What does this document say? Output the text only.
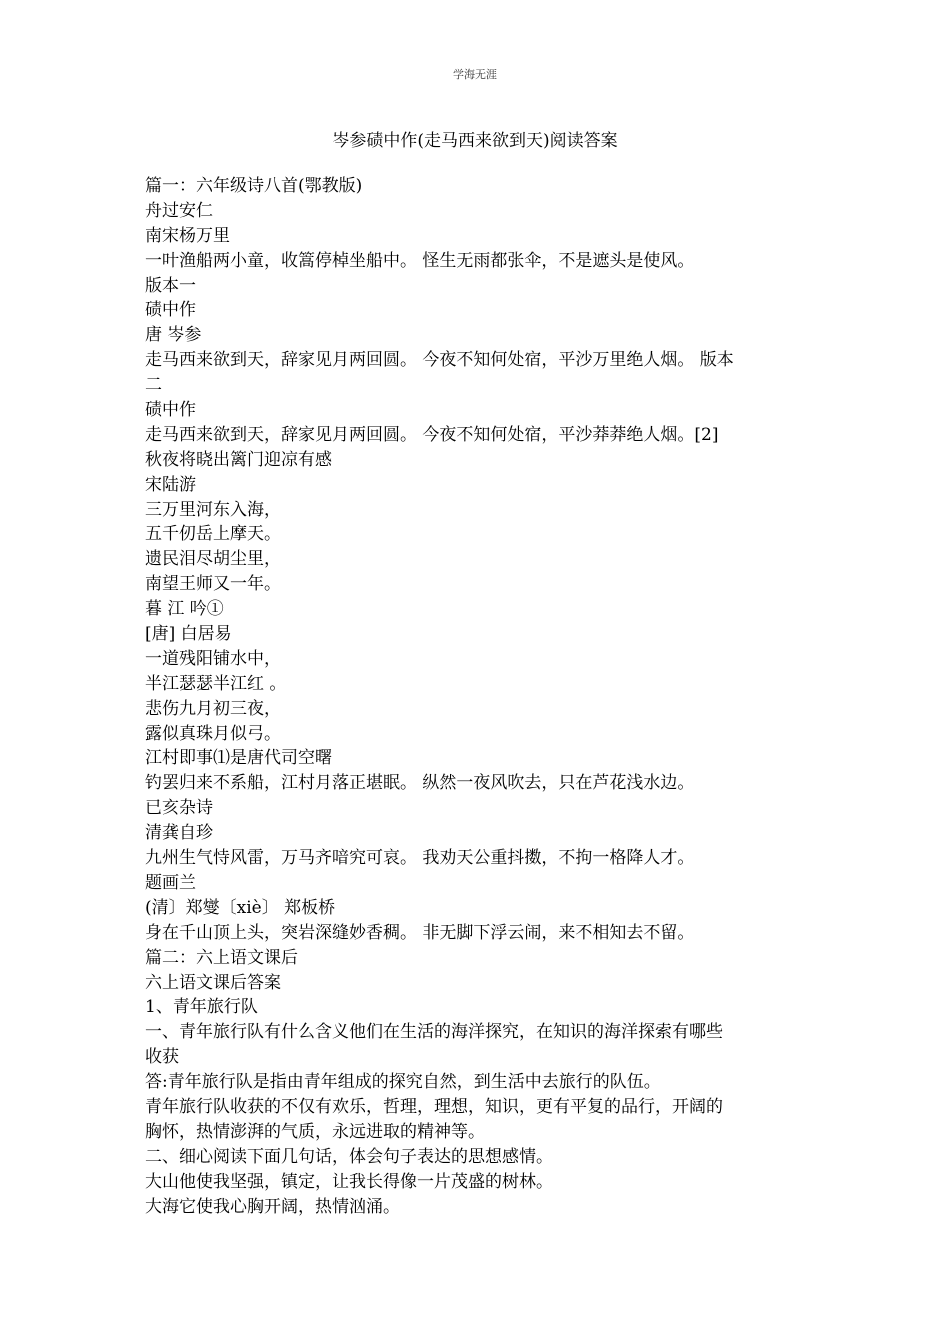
学海无涯
岑参碛中作(走马西来欲到天)阅读答案
篇一：六年级诗八首(鄂教版)
舟过安仁
南宋杨万里
一叶渔船两小童，收篙停棹坐船中。 怪生无雨都张伞，不是遮头是使风。
版本一
碛中作
唐 岑参
走马西来欲到天，辞家见月两回圆。 今夜不知何处宿，平沙万里绝人烟。 版本
二
碛中作
走马西来欲到天，辞家见月两回圆。 今夜不知何处宿，平沙莽莽绝人烟。[2]
秋夜将晓出篱门迎凉有感
宋陆游
三万里河东入海，
五千仞岳上摩天。
遗民泪尽胡尘里，
南望王师又一年。
暮 江 吟①
[唐] 白居易
一道残阳铺水中，
半江瑟瑟半江红 。
悲伤九月初三夜，
露似真珠月似弓。
江村即事⑴是唐代司空曙
钓罢归来不系船，江村月落正堪眠。 纵然一夜风吹去，只在芦花浅水边。
已亥杂诗
清龚自珍
九州生气恃风雷，万马齐喑究可哀。 我劝天公重抖擞，不拘一格降人才。
题画兰
(清〕郑燮〔xiè〕 郑板桥
身在千山顶上头，突岩深缝妙香稠。 非无脚下浮云闹，来不相知去不留。
篇二：六上语文课后
六上语文课后答案
1、青年旅行队
一、青年旅行队有什么含义他们在生活的海洋探究，在知识的海洋探索有哪些
收获
答:青年旅行队是指由青年组成的探究自然，到生活中去旅行的队伍。
青年旅行队收获的不仅有欢乐，哲理，理想，知识，更有平复的品行，开阔的
胸怀，热情澎湃的气质，永远进取的精神等。
二、细心阅读下面几句话，体会句子表达的思想感情。
大山他使我坚强，镇定，让我长得像一片茂盛的树林。
大海它使我心胸开阔，热情汹涌。
